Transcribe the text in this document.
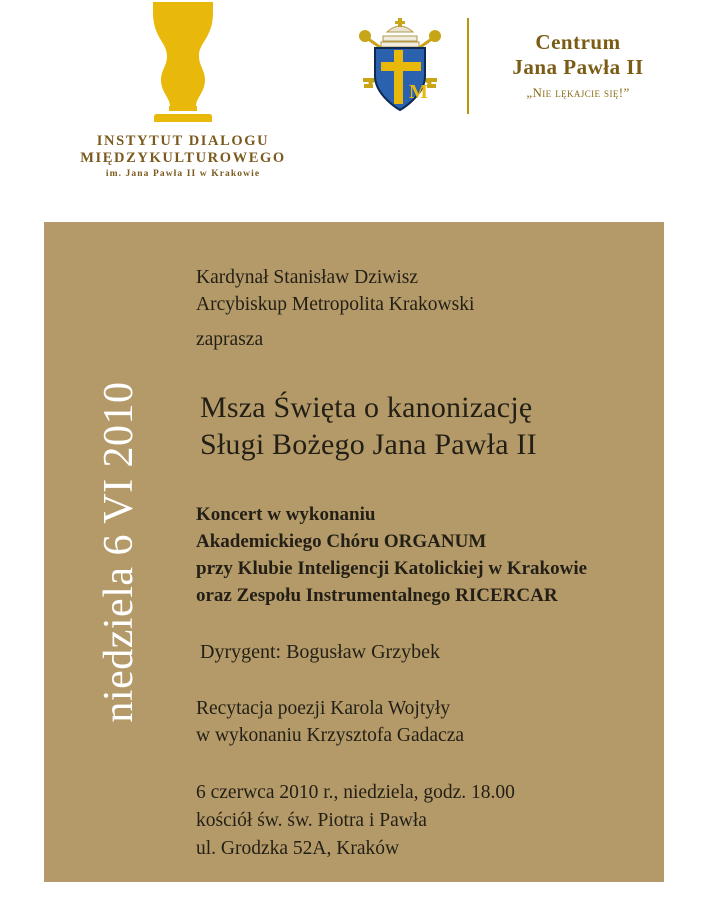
INSTYTUT DIALOGU
MIĘDZYKULTUROWEGO
im. Jana Pawła II w Krakowie
M
Centrum
Jana Pawła II
„Nie lękajcie się!”
niedziela 6 VI 2010
Kardynał Stanisław Dziwisz
Arcybiskup Metropolita Krakowski
zaprasza
Msza Święta o kanonizację
Sługi Bożego Jana Pawła II
Koncert w wykonaniu
Akademickiego Chóru ORGANUM
przy Klubie Inteligencji Katolickiej w Krakowie
oraz Zespołu Instrumentalnego RICERCAR
Dyrygent: Bogusław Grzybek
Recytacja poezji Karola Wojtyły
w wykonaniu Krzysztofa Gadacza
6 czerwca 2010 r., niedziela, godz. 18.00
kościół św. św. Piotra i Pawła
ul. Grodzka 52A, Kraków
